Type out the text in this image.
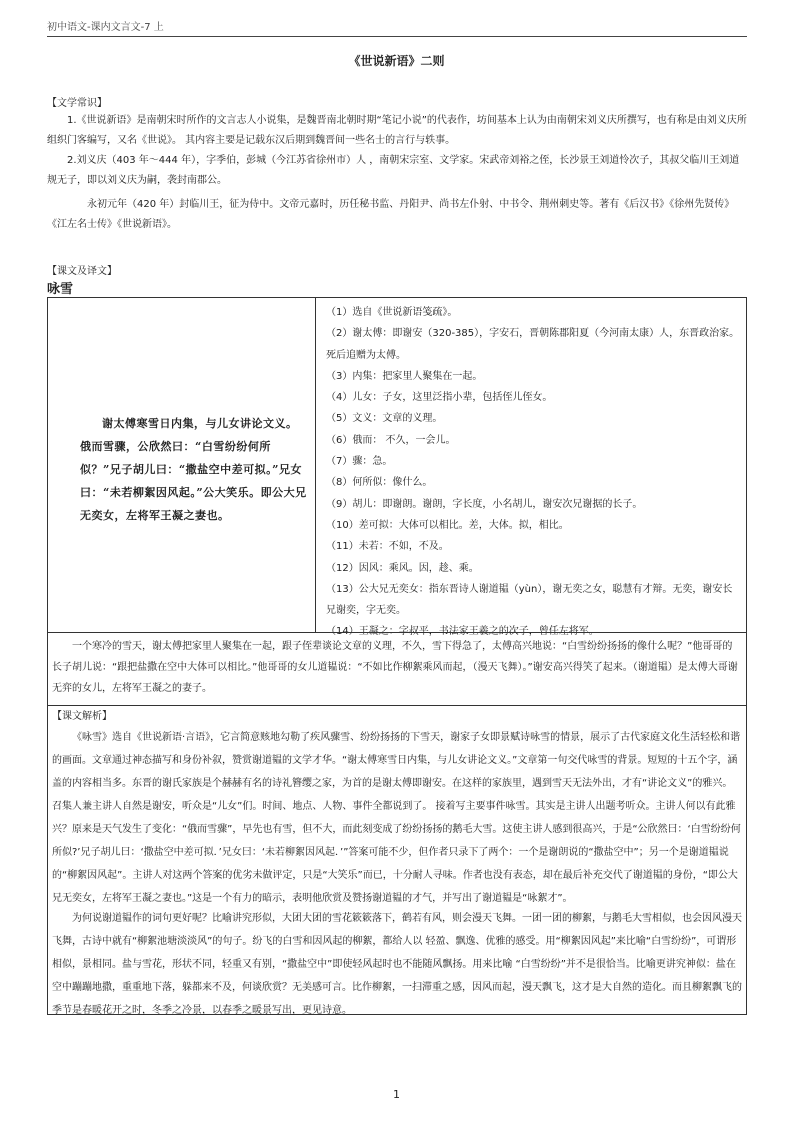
初中语文-课内文言文-7 上
《世说新语》二则
【文学常识】

1.《世说新语》是南朝宋时所作的文言志人小说集，是魏晋南北朝时期“笔记小说”的代表作，坊间基本上认为由南朝宋刘义庆所撰写，也有称是由刘义庆所组织门客编写，又名《世说》。 其内容主要是记载东汉后期到魏晋间一些名士的言行与轶事。

2.刘义庆（403 年～444 年），字季伯，彭城（今江苏省徐州市）人 ，南朝宋宗室、文学家。宋武帝刘裕之侄，长沙景王刘道怜次子，其叔父临川王刘道规无子，即以刘义庆为嗣，袭封南郡公。

永初元年（420 年）封临川王，征为侍中。文帝元嘉时，历任秘书监、丹阳尹、尚书左仆射、中书令、荆州刺史等。著有《后汉书》《徐州先贤传》《江左名士传》《世说新语》。

【课文及译文】
咏雪

谢太傅寒雪日内集，与儿女讲论文义。俄而雪骤，公欣然曰：“白雪纷纷何所似？”兄子胡儿曰：“撒盐空中差可拟。”兄女曰：“未若柳絮因风起。”公大笑乐。即公大兄无奕女，左将军王凝之妻也。

（1）选自《世说新语笺疏》。
（2）谢太傅：即谢安（320-385），字安石，晋朝陈郡阳夏（今河南太康）人，东晋政治家。死后追赠为太傅。
（3）内集：把家里人聚集在一起。
（4）儿女：子女，这里泛指小辈，包括侄儿侄女。
（5）文义：文章的义理。
（6）俄而： 不久，一会儿。
（7）骤：急。
（8）何所似：像什么。
（9）胡儿：即谢朗。谢朗，字长度，小名胡儿，谢安次兄谢据的长子。
（10）差可拟：大体可以相比。差，大体。拟，相比。
（11）未若：不如，不及。
（12）因风：乘风。因，趁、乘。
（13）公大兄无奕女：指东晋诗人谢道韫（yùn），谢无奕之女，聪慧有才辩。无奕，谢安长兄谢奕，字无奕。
（14）王凝之：字叔平，书法家王羲之的次子，曾任左将军。

一个寒冷的雪天，谢太傅把家里人聚集在一起，跟子侄辈谈论文章的义理，不久，雪下得急了，太傅高兴地说：“白雪纷纷扬扬的像什么呢？”他哥哥的长子胡儿说：“跟把盐撒在空中大体可以相比。”他哥哥的女儿道韫说：“不如比作柳絮乘风而起，（漫天飞舞）。”谢安高兴得笑了起来。（谢道韫）是太傅大哥谢无弈的女儿，左将军王凝之的妻子。

【课文解析】

《咏雪》选自《世说新语·言语》，它言简意赅地勾勒了疾风骤雪、纷纷扬扬的下雪天，谢家子女即景赋诗咏雪的情景，展示了古代家庭文化生活轻松和谐的画面。文章通过神态描写和身份补叙，赞赏谢道韫的文学才华。“谢太傅寒雪日内集，与儿女讲论文义。”文章第一句交代咏雪的背景。短短的十五个字，涵盖的内容相当多。东晋的谢氏家族是个赫赫有名的诗礼簪缨之家，为首的是谢太傅即谢安。在这样的家族里，遇到雪天无法外出，才有“讲论文义”的雅兴。召集人兼主讲人自然是谢安，听众是“儿女”们。时间、地点、人物、事件全都说到了。 接着写主要事件咏雪。其实是主讲人出题考听众。主讲人何以有此雅兴？原来是天气发生了变化：“俄而雪骤”，早先也有雪，但不大，而此刻变成了纷纷扬扬的鹅毛大雪。这使主讲人感到很高兴，于是“公欣然曰：‘白雪纷纷何所似?’兄子胡儿曰：‘撒盐空中差可拟．’兄女曰：‘未若柳絮因风起．’”答案可能不少，但作者只录下了两个：一个是谢朗说的“撒盐空中”；另一个是谢道韫说的“柳絮因风起”。主讲人对这两个答案的优劣未做评定，只是“大笑乐”而已，十分耐人寻味。作者也没有表态，却在最后补充交代了谢道韫的身份，“即公大兄无奕女，左将军王凝之妻也。”这是一个有力的暗示，表明他欣赏及赞扬谢道韫的才气，并写出了谢道韫是“咏絮才”。

为何说谢道韫作的词句更好呢？比喻讲究形似，大团大团的雪花簌簌落下，鹤若有风，则会漫天飞舞。一团一团的柳絮，与鹅毛大雪相似，也会因风漫天飞舞，古诗中就有“柳絮池塘淡淡风”的句子。纷飞的白雪和因风起的柳絮，都给人以 轻盈、飘逸、优雅的感受。用“柳絮因风起”来比喻“白雪纷纷”，可谓形相似，景相同。盐与雪花，形状不同，轻重又有别，“撒盐空中”即使轻风起时也不能随风飘扬。用来比喻 “白雪纷纷”并不是很恰当。比喻更讲究神似：盐在空中蹦蹦地撒，重重地下落，躲都来不及，何谈欣赏？无美感可言。比作柳絮，一扫滞重之感，因风而起，漫天飘飞，这才是大自然的造化。而且柳絮飘飞的季节是春暖花开之时，冬季之冷景，以春季之暖景写出，更见诗意。

1
